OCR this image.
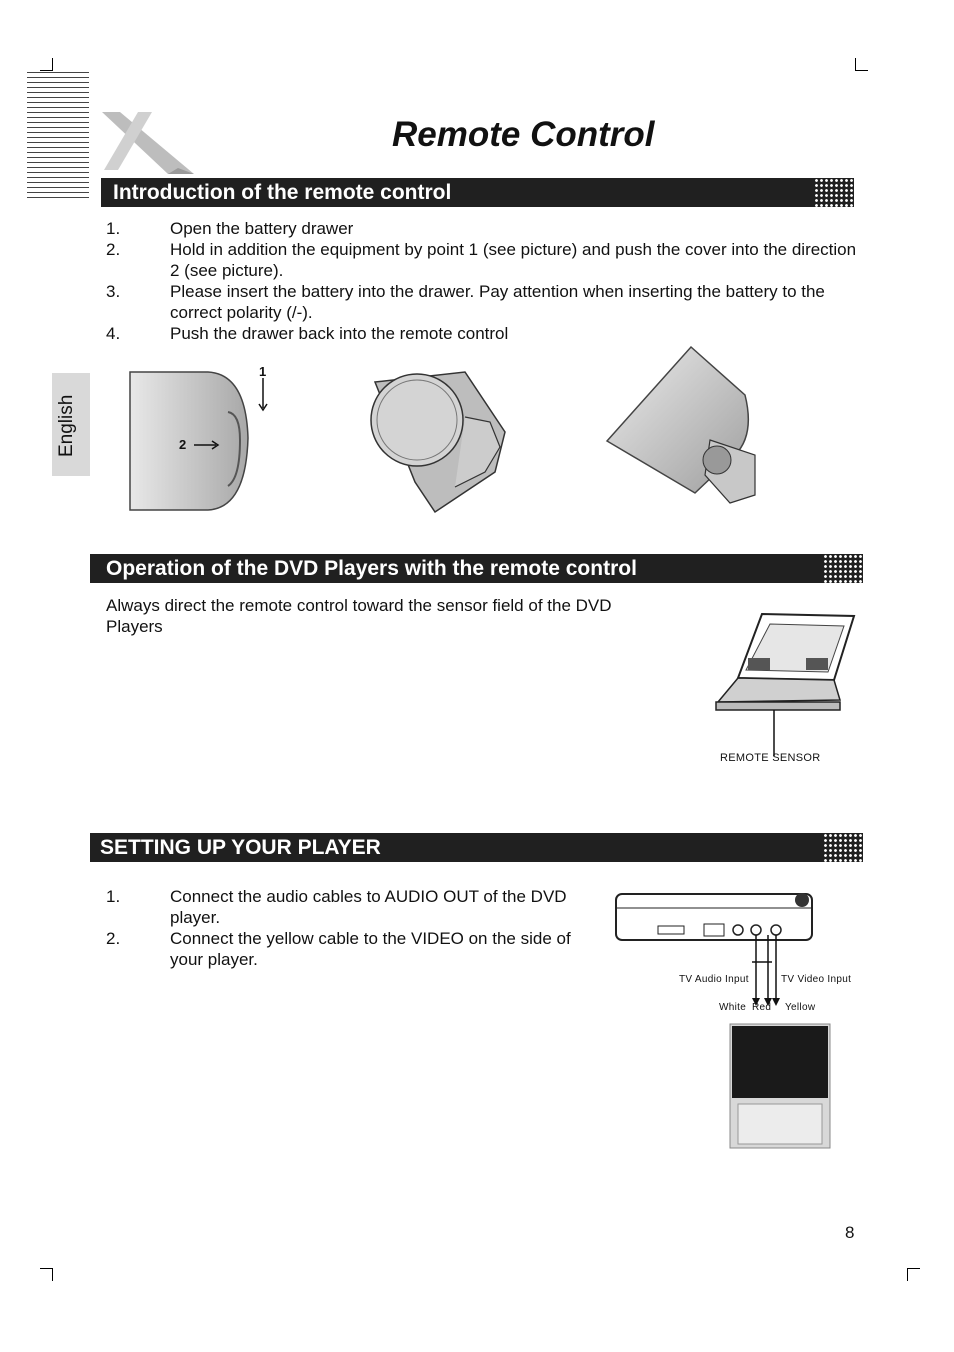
Remote Control
Introduction of the remote control
1.	Open the battery drawer
2.	Hold in addition the equipment by point 1 (see picture) and push the cover into the direction 2 (see picture).
3.	Please insert the battery into the drawer. Pay attention when inserting the battery to the correct polarity (/-).
4.	Push the drawer back into the remote control
English	2
1
Operation of the DVD Players with the remote control
Always direct the remote control toward the sensor field of the DVD Players
REMOTE SENSOR
SETTING UP YOUR PLAYER
1.	Connect the audio cables to AUDIO OUT of the DVD player.
2.	Connect the yellow cable to the VIDEO on the side of your player.
TV Audio Input	TV Video Input
White Red Yellow
8
